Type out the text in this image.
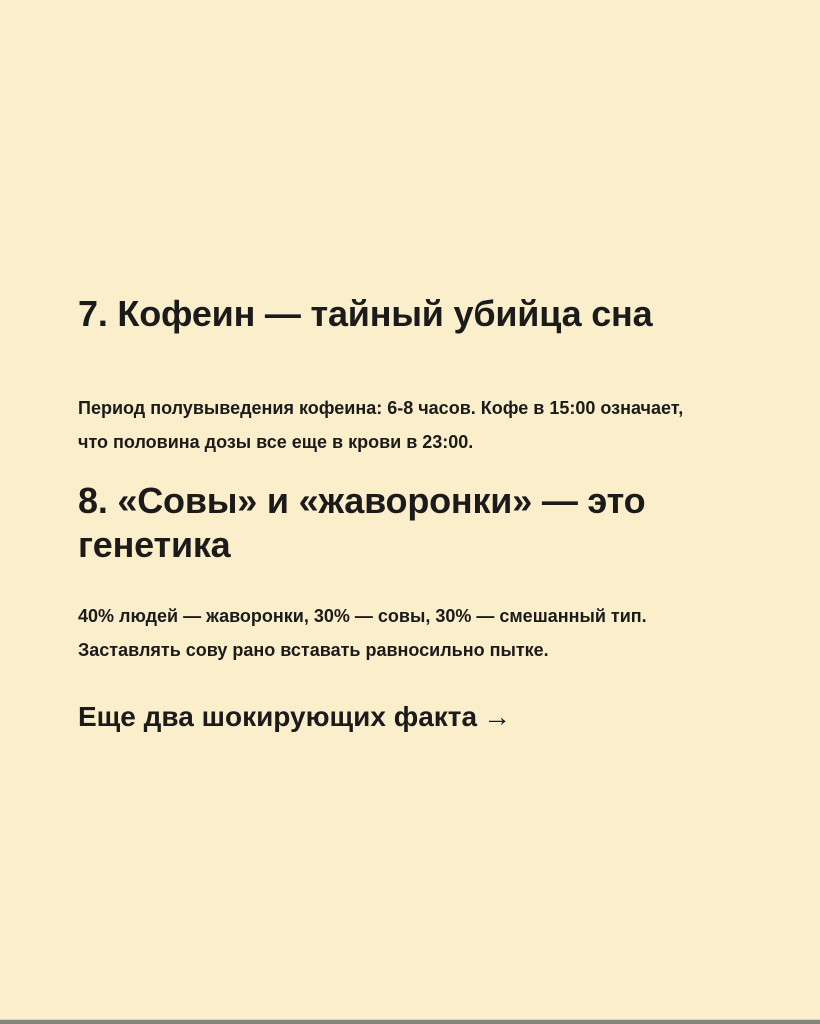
7. Кофеин — тайный убийца сна

Период полувыведения кофеина: 6-8 часов. Кофе в 15:00 означает,
что половина дозы все еще в крови в 23:00.

8. «Совы» и «жаворонки» — это
генетика

40% людей — жаворонки, 30% — совы, 30% — смешанный тип.
Заставлять сову рано вставать равносильно пытке.

Еще два шокирующих факта →
